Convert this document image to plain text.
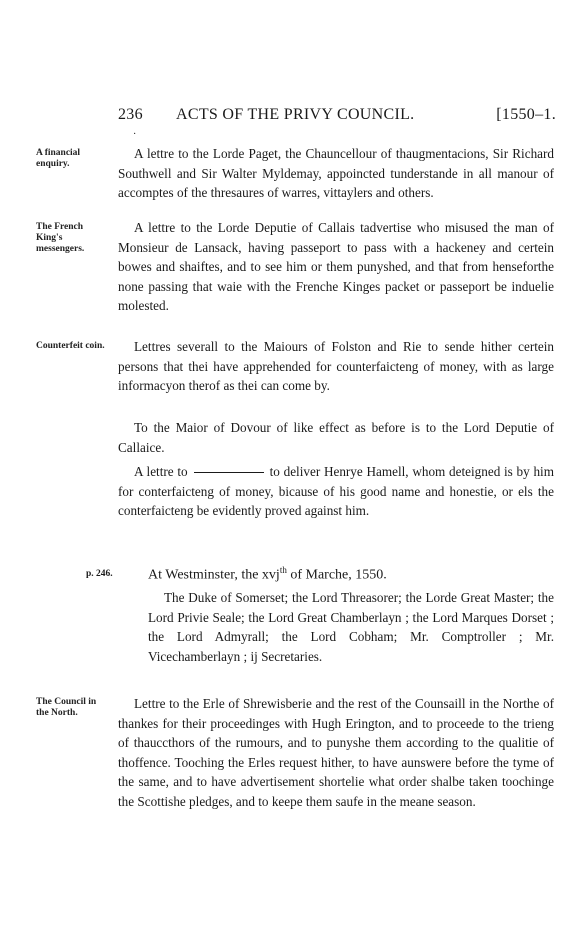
236 ACTS OF THE PRIVY COUNCIL.	[1550–1.
·
A financial enquiry.
A lettre to the Lorde Paget, the Chauncellour of thaugmentacions, Sir Richard Southwell and Sir Walter Myldemay, appoincted tunderstande in all manour of accomptes of the thresaures of warres, vittaylers and others.
The French King's messengers.
A lettre to the Lorde Deputie of Callais tadvertise who misused the man of Monsieur de Lansack, having passeport to pass with a hackeney and certein bowes and shaiftes, and to see him or them punyshed, and that from henseforthe none passing that waie with the Frenche Kinges packet or passeport be induelie molested.
Counterfeit coin.	Lettres severall to the Maiours of Folston and Rie to sende hither certein persons that thei have apprehended for counterfaicteng of money, with as large informacyon therof as thei can come by.
To the Maior of Dovour of like effect as before is to the Lord Deputie of Callaice.
A lettre to	to deliver Henrye Hamell, whom deteigned is by him for conterfaicteng of money, bicause of his good name and honestie, or els the conterfaicteng be evidently proved against him.
p. 246.	At Westminster, the xvj$^{th}$ of Marche, 1550.
The Duke of Somerset; the Lord Threasorer; the Lorde Great Master; the Lord Privie Seale; the Lord Great Chamberlayn ; the Lord Marques Dorset ; the Lord Admyrall; the Lord Cobham; Mr. Comptroller ; Mr. Vicechamberlayn ; ij Secretaries.
The Council in the North.
Lettre to the Erle of Shrewisberie and the rest of the Counsaill in the Northe of thankes for their proceedinges with Hugh Erington, and to proceede to the trieng of thauccthors of the rumours, and to punyshe them according to the qualitie of thoffence. Tooching the Erles request hither, to have aunswere before the tyme of the same, and to have advertisement shortelie what order shalbe taken toochinge the Scottishe pledges, and to keepe them saufe in the meane season.
